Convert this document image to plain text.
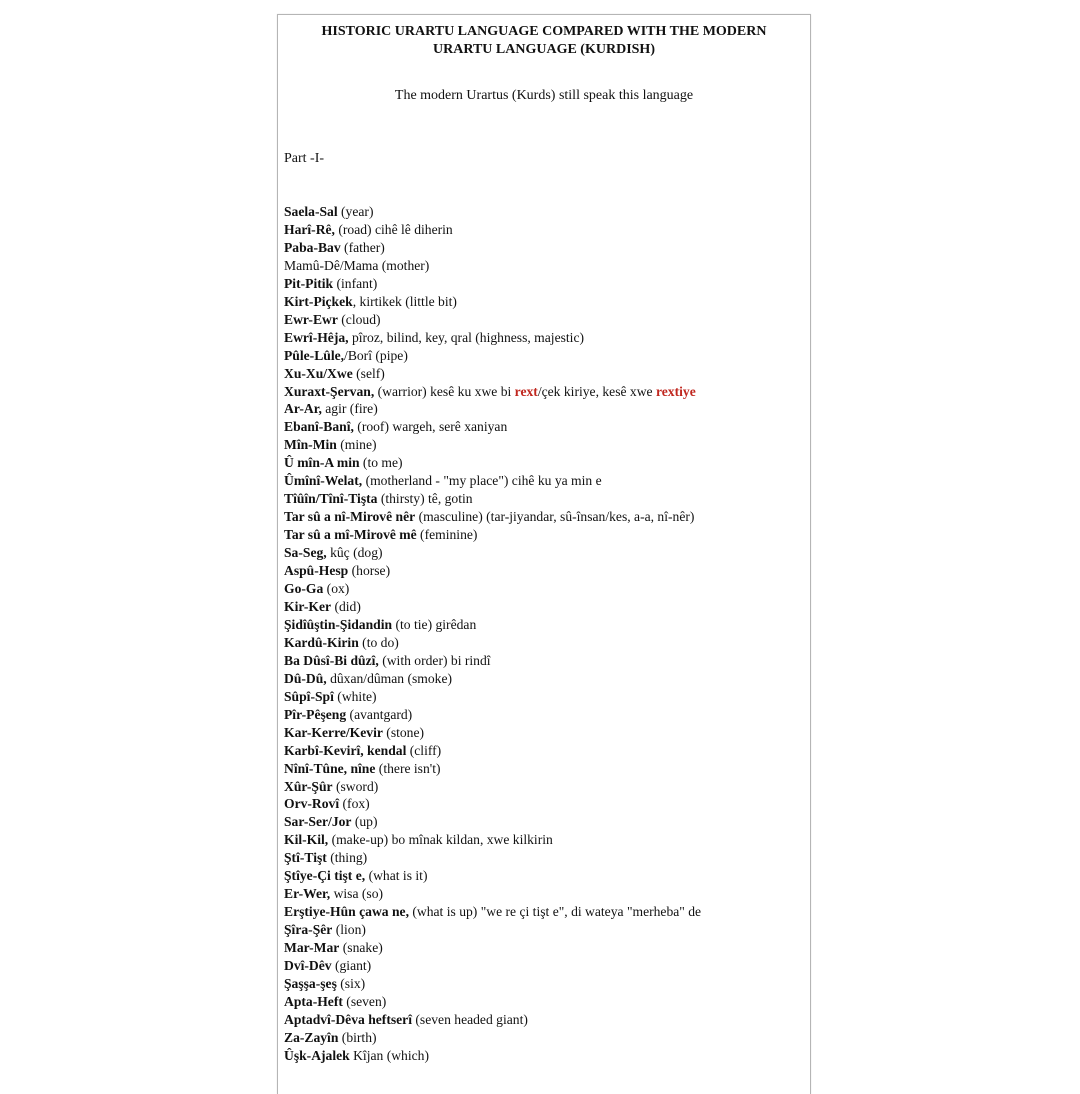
HISTORIC URARTU LANGUAGE COMPARED WITH THE MODERN
URARTU LANGUAGE (KURDISH)
The modern Urartus (Kurds) still speak this language
Part -I-
Saela-Sal (year)
Harî-Rê, (road) cihê lê diherin
Paba-Bav (father)
Mamû-Dê/Mama (mother)
Pit-Pitik (infant)
Kirt-Piçkek, kirtikek (little bit)
Ewr-Ewr (cloud)
Ewrî-Hêja, pîroz, bilind, key, qral (highness, majestic)
Pûle-Lûle,/Borî (pipe)
Xu-Xu/Xwe (self)
Xuraxt-Şervan, (warrior) kesê ku xwe bi rext/çek kiriye, kesê xwe rextiye
Ar-Ar, agir (fire)
Ebanî-Banî, (roof) wargeh, serê xaniyan
Mîn-Min (mine)
Û mîn-A min (to me)
Ûmînî-Welat, (motherland - "my place") cihê ku ya min e
Tîûîn/Tînî-Tişta (thirsty) tê, gotin
Tar sû a nî-Mirovê nêr (masculine) (tar-jiyandar, sû-însan/kes, a-a, nî-nêr)
Tar sû a mî-Mirovê mê (feminine)
Sa-Seg, kûç (dog)
Aspû-Hesp (horse)
Go-Ga (ox)
Kir-Ker (did)
Şidîûştin-Şidandin (to tie) girêdan
Kardû-Kirin (to do)
Ba Dûsî-Bi dûzî, (with order) bi rindî
Dû-Dû, dûxan/dûman (smoke)
Sûpî-Spî (white)
Pîr-Pêşeng (avantgard)
Kar-Kerre/Kevir (stone)
Karbî-Kevirî, kendal (cliff)
Nînî-Tûne, nîne (there isn't)
Xûr-Şûr (sword)
Orv-Rovî (fox)
Sar-Ser/Jor (up)
Kil-Kil, (make-up) bo mînak kildan, xwe kilkirin
Ştî-Tişt (thing)
Ştîye-Çi tişt e, (what is it)
Er-Wer, wisa (so)
Erştiye-Hûn çawa ne, (what is up) "we re çi tişt e", di wateya "merheba" de
Şîra-Şêr (lion)
Mar-Mar (snake)
Dvî-Dêv (giant)
Şaşşa-şeş (six)
Apta-Heft (seven)
Aptadvî-Dêva heftserî (seven headed giant)
Za-Zayîn (birth)
Ûşk-Ajalek Kîjan (which)
